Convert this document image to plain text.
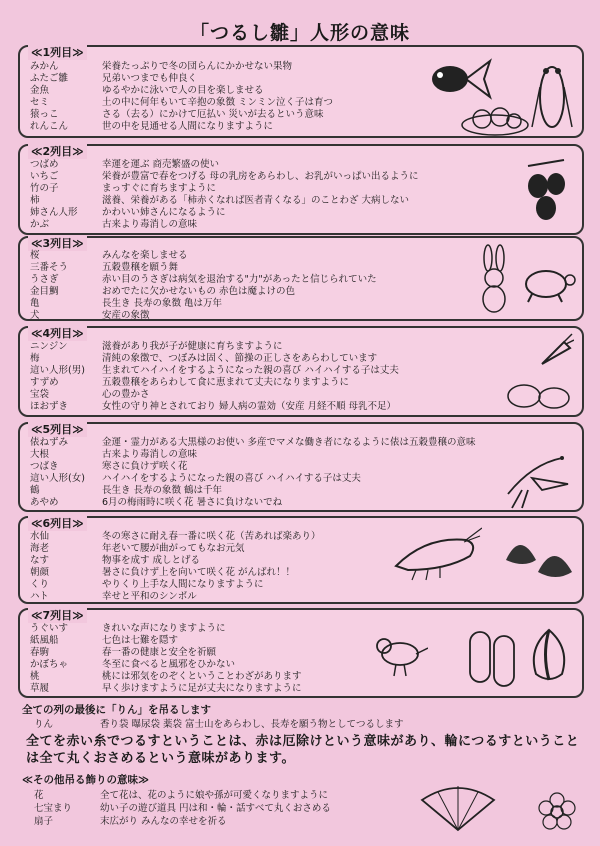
「つるし雛」人形の意味
≪1列目≫
みかん	栄養たっぷりで冬の団らんにかかせない果物
ふたご雛	兄弟いつまでも仲良く
金魚	ゆるやかに泳いで人の目を楽しませる
セミ	土の中に何年もいて辛抱の象徴 ミンミン泣く子は育つ
猿っこ	さる（去る）にかけて厄払い 災いが去るという意味
れんこん	世の中を見通せる人間になりますように
≪2列目≫
つばめ	幸運を運ぶ 商売繁盛の使い
いちご	栄養が豊富で春をつげる 母の乳房をあらわし、お乳がいっぱい出るように
竹の子	まっすぐに育ちますように
柿	滋養、栄養がある「柿赤くなれば医者青くなる」のことわざ 大病しない
姉さん人形	かわいい姉さんになるように
かぶ	古来より毒消しの意味
≪3列目≫
桜	みんなを楽しませる
三番そう	五穀豊穣を願う舞
うさぎ	赤い目のうさぎは病気を退治する"力"があったと信じられていた
金目鯛	おめでたに欠かせないもの 赤色は魔よけの色
亀	長生き 長寿の象徴 亀は万年
犬	安産の象徴
≪4列目≫
ニンジン	滋養があり我が子が健康に育ちますように
梅	清純の象徴で、つぼみは固く、節操の正しさをあらわしています
這い人形(男) 生まれてハイハイをするようになった親の喜び ハイハイする子は丈夫
すずめ	五穀豊穣をあらわして食に恵まれて丈夫になりますように
宝袋	心の豊かさ
ほおずき	女性の守り神とされており 婦人病の霊効（安産 月経不順 母乳不足）
≪5列目≫
俵ねずみ	金運・霊力がある大黒様のお使い 多産でマメな働き者になるように俵は五穀豊穣の意味
大根	古来より毒消しの意味
つばき	寒さに負けず咲く花
這い人形(女) ハイハイをするようになった親の喜び ハイハイする子は丈夫
鶴	長生き 長寿の象徴 鶴は千年
あやめ	6月の梅雨時に咲く花 暑さに負けないでね
≪6列目≫
水仙	冬の寒さに耐え春一番に咲く花（苦あれば楽あり）
海老	年老いて腰が曲がってもなお元気
なす	物事を成す 成しとげる
朝顔	暑さに負けず上を向いて咲く花 がんばれ！！
くり	やりくり上手な人間になりますように
ハト	幸せと平和のシンボル
≪7列目≫
うぐいす	きれいな声になりますように
紙風船	七色は七難を隠す
春駒	春一番の健康と安全を祈願
かぼちゃ	冬至に食べると風邪をひかない
桃	桃には邪気をのぞくということわざがあります
草履	早く歩けますように足が丈夫になりますように
全ての列の最後に「りん」を吊るします
りん	香り袋 曝尿袋 薬袋 富士山をあらわし、長寿を願う物としてつるします
全てを赤い糸でつるすということは、赤は厄除けという意味があり、輪につるすということは全て丸くおさめるという意味があります。
≪その他吊る飾りの意味≫
花	全て花は、花のように娘や孫が可愛くなりますように
七宝まり	幼い子の遊び道具 円は和・輪・話すべて丸くおさめる
扇子	末広がり みんなの幸せを祈る
